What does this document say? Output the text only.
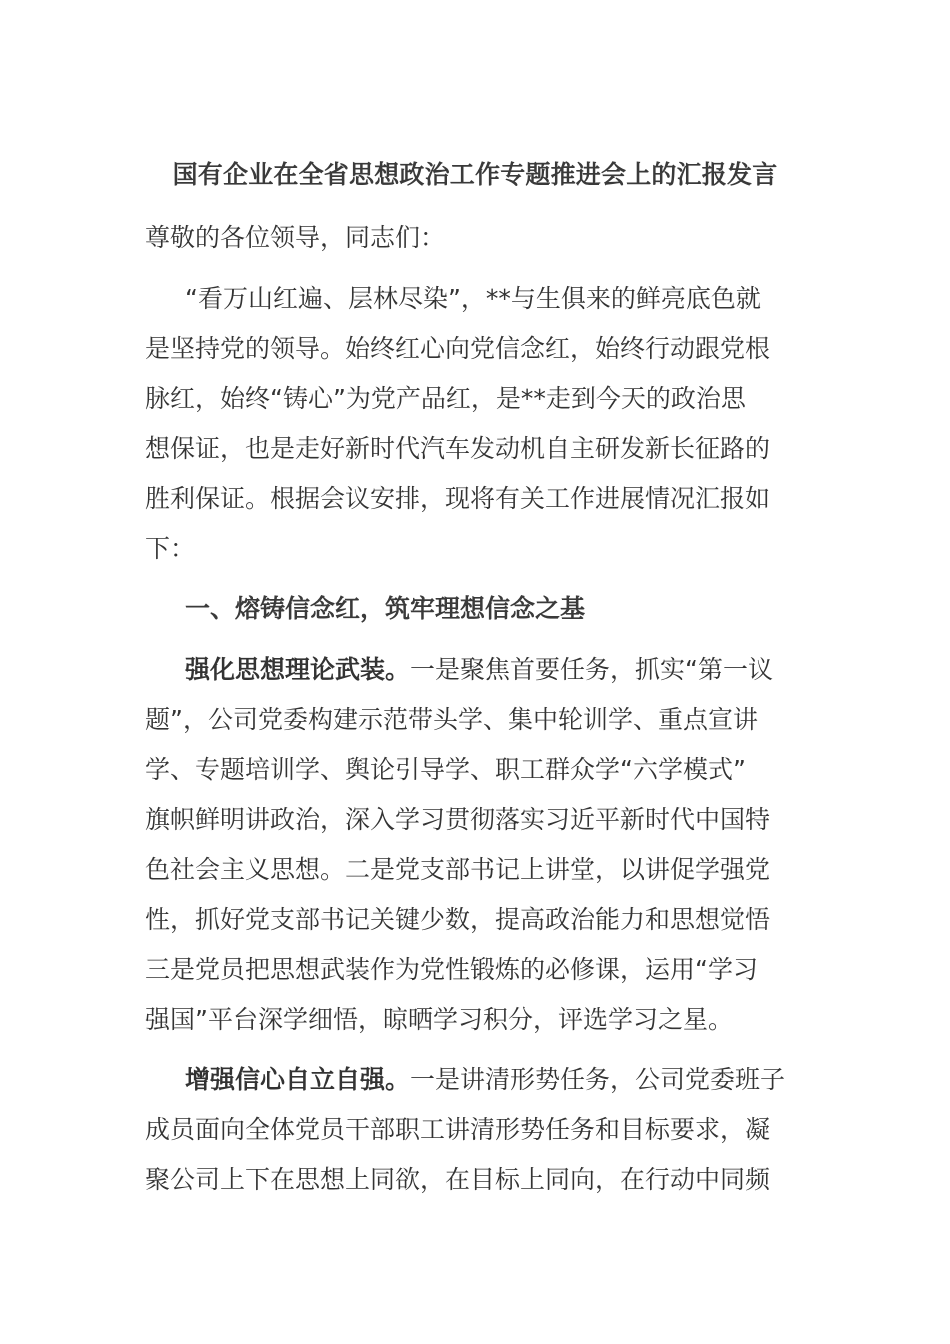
国有企业在全省思想政治工作专题推进会上的汇报发言
尊敬的各位领导，同志们：
“看万山红遍、层林尽染”，**与生俱来的鲜亮底色就
是坚持党的领导。始终红心向党信念红，始终行动跟党根
脉红，始终“铸心”为党产品红，是**走到今天的政治思
想保证，也是走好新时代汽车发动机自主研发新长征路的
胜利保证。根据会议安排，现将有关工作进展情况汇报如
下：
一、熔铸信念红，筑牢理想信念之基
强化思想理论武装。一是聚焦首要任务，抓实“第一议
题”，公司党委构建示范带头学、集中轮训学、重点宣讲
学、专题培训学、舆论引导学、职工群众学“六学模式”
旗帜鲜明讲政治，深入学习贯彻落实习近平新时代中国特
色社会主义思想。二是党支部书记上讲堂，以讲促学强党
性，抓好党支部书记关键少数，提高政治能力和思想觉悟
三是党员把思想武装作为党性锻炼的必修课，运用“学习
强国”平台深学细悟，晾晒学习积分，评选学习之星。
增强信心自立自强。一是讲清形势任务，公司党委班子
成员面向全体党员干部职工讲清形势任务和目标要求，凝
聚公司上下在思想上同欲，在目标上同向，在行动中同频
